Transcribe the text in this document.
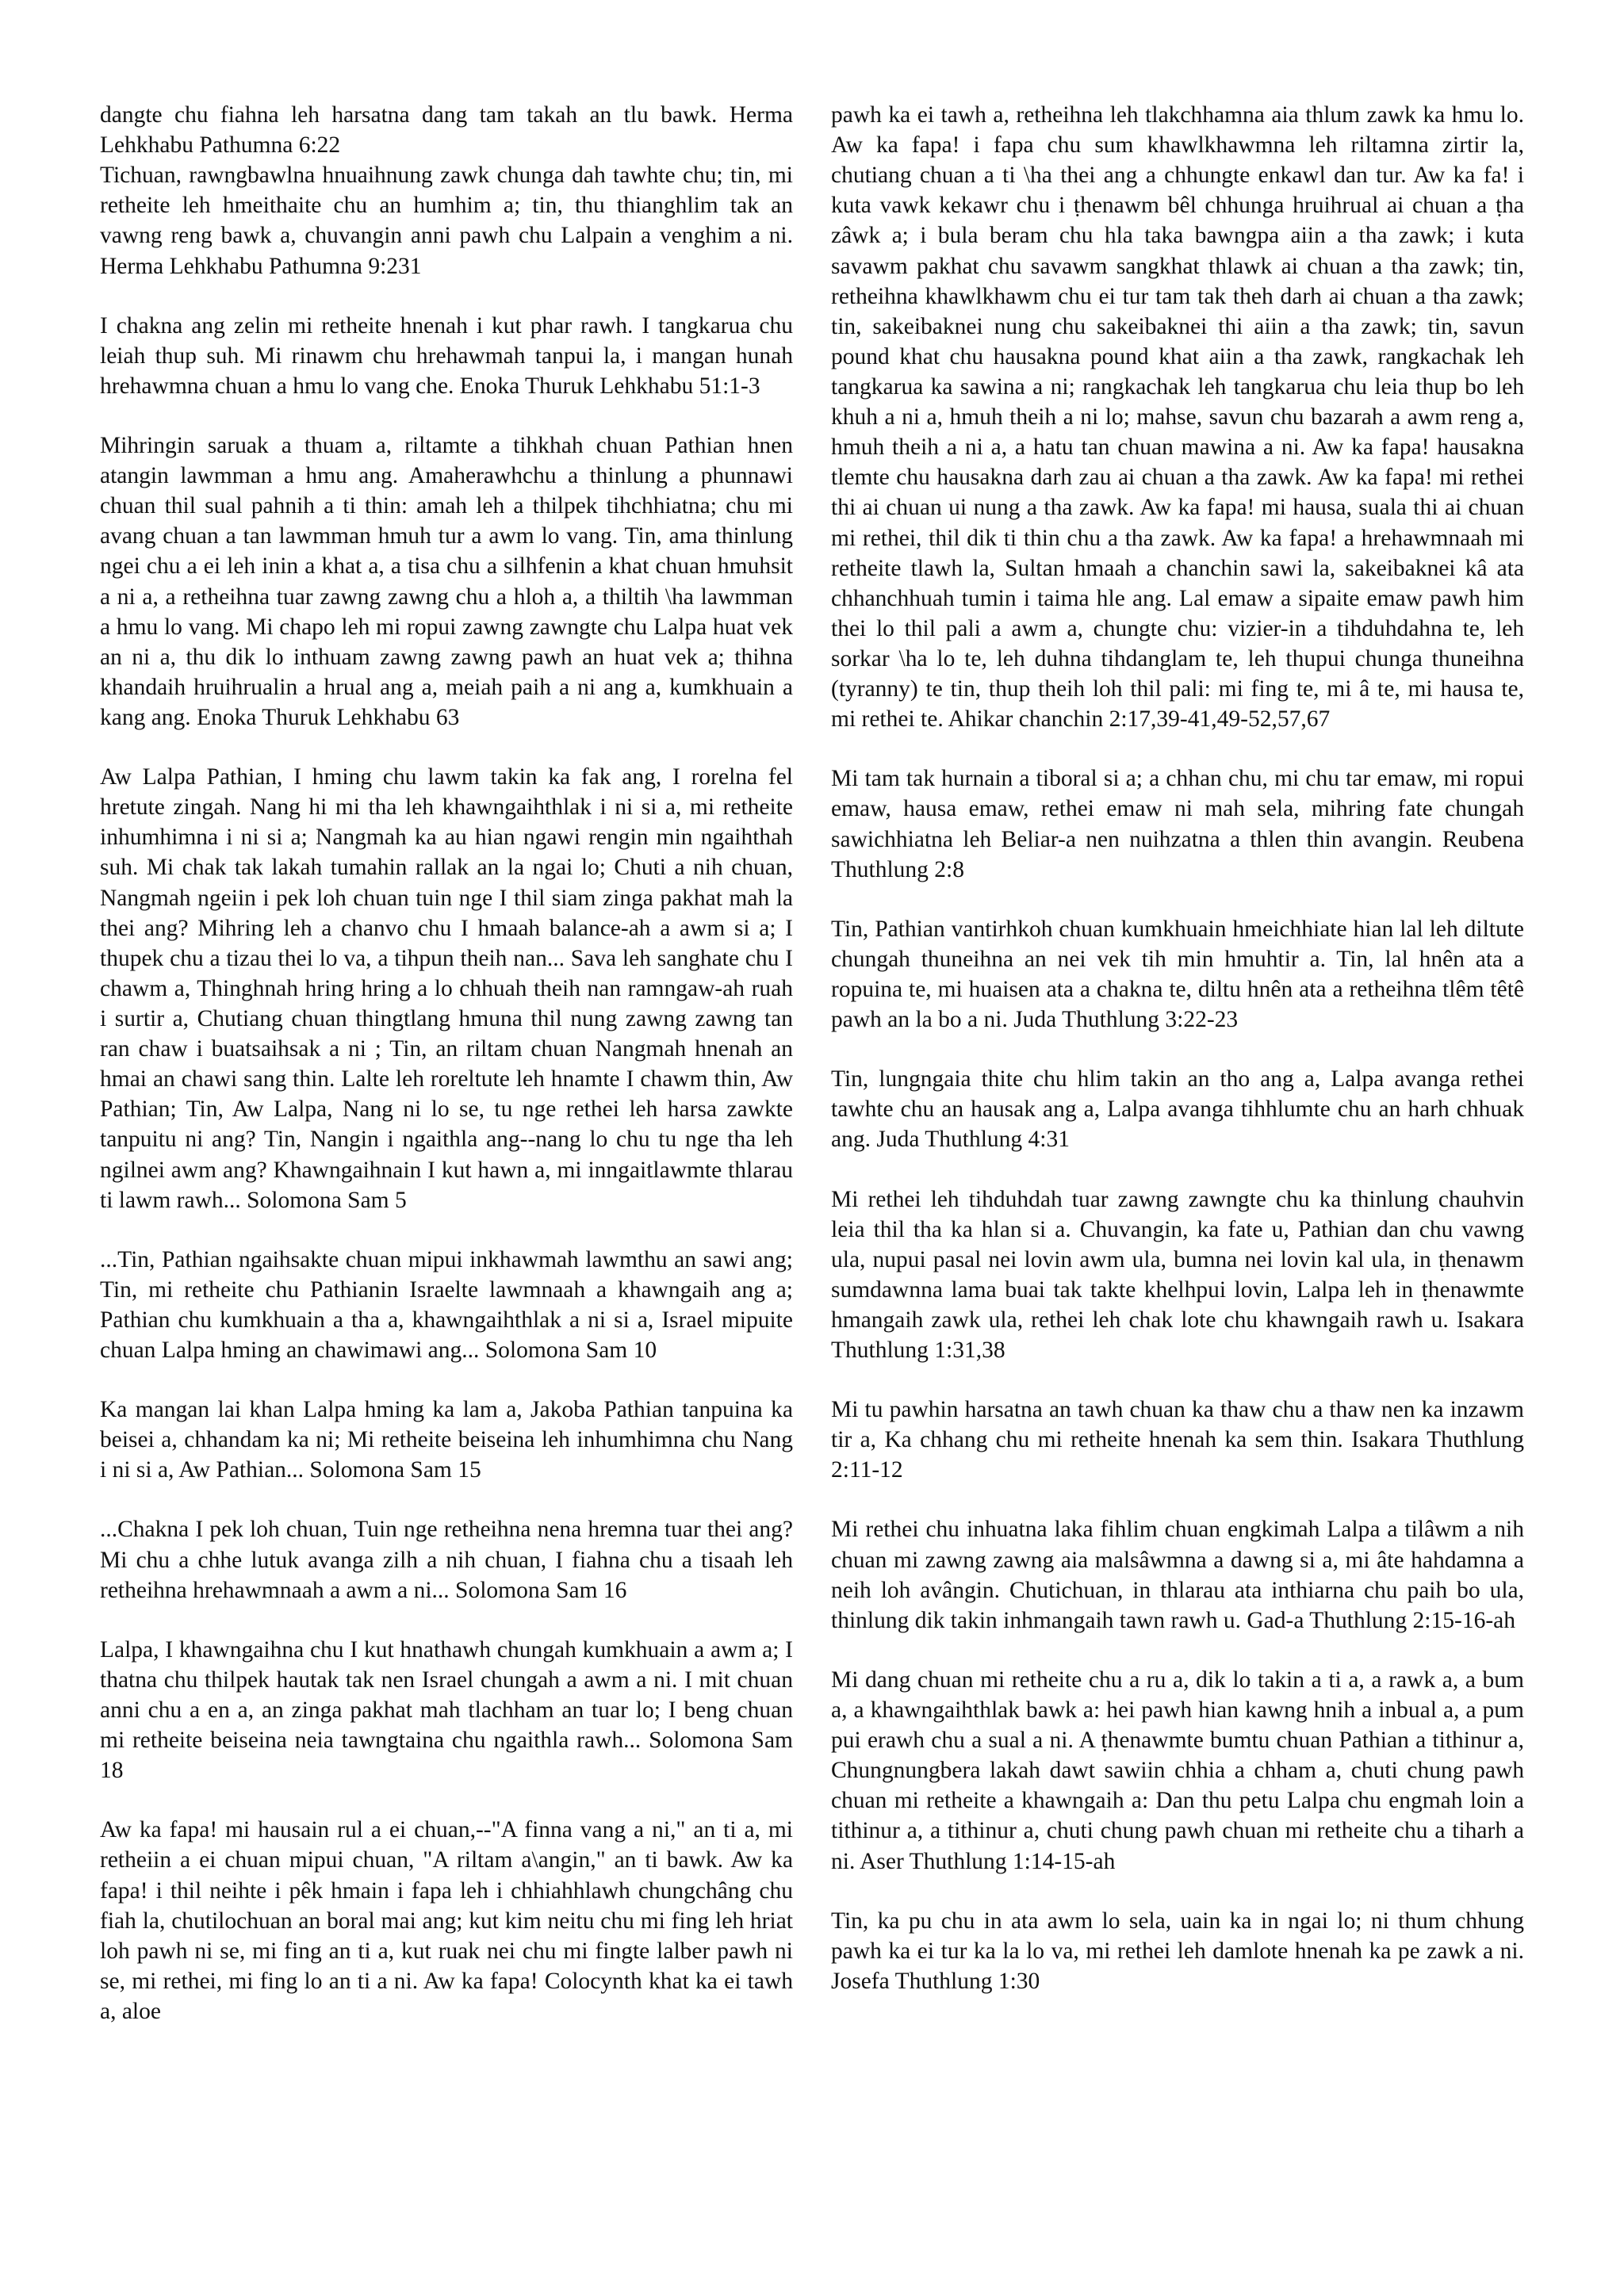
dangte chu fiahna leh harsatna dang tam takah an tlu bawk. Herma Lehkhabu Pathumna 6:22

Tichuan, rawngbawlna hnuaihnung zawk chunga dah tawhte chu; tin, mi retheite leh hmeithaite chu an humhim a; tin, thu thianghlim tak an vawng reng bawk a, chuvangin anni pawh chu Lalpain a venghim a ni. Herma Lehkhabu Pathumna 9:231

I chakna ang zelin mi retheite hnenah i kut phar rawh. I tangkarua chu leiah thup suh. Mi rinawm chu hrehawmah tanpui la, i mangan hunah hrehawmna chuan a hmu lo vang che. Enoka Thuruk Lehkhabu 51:1-3

Mihringin saruak a thuam a, riltamte a tihkhah chuan Pathian hnen atangin lawmman a hmu ang. Amaherawhchu a thinlung a phunnawi chuan thil sual pahnih a ti thin: amah leh a thilpek tihchhiatna; chu mi avang chuan a tan lawmman hmuh tur a awm lo vang. Tin, ama thinlung ngei chu a ei leh inin a khat a, a tisa chu a silhfenin a khat chuan hmuhsit a ni a, a retheihna tuar zawng zawng chu a hloh a, a thiltih \ha lawmman a hmu lo vang. Mi chapo leh mi ropui zawng zawngte chu Lalpa huat vek an ni a, thu dik lo inthuam zawng zawng pawh an huat vek a; thihna khandaih hruihrualin a hrual ang a, meiah paih a ni ang a, kumkhuain a kang ang. Enoka Thuruk Lehkhabu 63

Aw Lalpa Pathian, I hming chu lawm takin ka fak ang, I rorelna fel hretute zingah. Nang hi mi tha leh khawngaihthlak i ni si a, mi retheite inhumhimna i ni si a; Nangmah ka au hian ngawi rengin min ngaihthah suh. Mi chak tak lakah tumahin rallak an la ngai lo; Chuti a nih chuan, Nangmah ngeiin i pek loh chuan tuin nge I thil siam zinga pakhat mah la thei ang? Mihring leh a chanvo chu I hmaah balance-ah a awm si a; I thupek chu a tizau thei lo va, a tihpun theih nan... Sava leh sanghate chu I chawm a, Thinghnah hring hring a lo chhuah theih nan ramngaw-ah ruah i surtir a, Chutiang chuan thingtlang hmuna thil nung zawng zawng tan ran chaw i buatsaihsak a ni ; Tin, an riltam chuan Nangmah hnenah an hmai an chawi sang thin. Lalte leh roreltute leh hnamte I chawm thin, Aw Pathian; Tin, Aw Lalpa, Nang ni lo se, tu nge rethei leh harsa zawkte tanpuitu ni ang? Tin, Nangin i ngaithla ang--nang lo chu tu nge tha leh ngilnei awm ang? Khawngaihnain I kut hawn a, mi inngaitlawmte thlarau ti lawm rawh... Solomona Sam 5

...Tin, Pathian ngaihsakte chuan mipui inkhawmah lawmthu an sawi ang; Tin, mi retheite chu Pathianin Israelte lawmnaah a khawngaih ang a; Pathian chu kumkhuain a tha a, khawngaihthlak a ni si a, Israel mipuite chuan Lalpa hming an chawimawi ang... Solomona Sam 10

Ka mangan lai khan Lalpa hming ka lam a, Jakoba Pathian tanpuina ka beisei a, chhandam ka ni; Mi retheite beiseina leh inhumhimna chu Nang i ni si a, Aw Pathian... Solomona Sam 15

...Chakna I pek loh chuan, Tuin nge retheihna nena hremna tuar thei ang? Mi chu a chhe lutuk avanga zilh a nih chuan, I fiahna chu a tisaah leh retheihna hrehawmnaah a awm a ni... Solomona Sam 16

Lalpa, I khawngaihna chu I kut hnathawh chungah kumkhuain a awm a; I thatna chu thilpek hautak tak nen Israel chungah a awm a ni. I mit chuan anni chu a en a, an zinga pakhat mah tlachham an tuar lo; I beng chuan mi retheite beiseina neia tawngtaina chu ngaithla rawh... Solomona Sam 18

Aw ka fapa! mi hausain rul a ei chuan,--"A finna vang a ni," an ti a, mi retheiin a ei chuan mipui chuan, "A riltam a\angin," an ti bawk. Aw ka fapa! i thil neihte i pêk hmain i fapa leh i chhiahhlawh chungchâng chu fiah la, chutilochuan an boral mai ang; kut kim neitu chu mi fing leh hriat loh pawh ni se, mi fing an ti a, kut ruak nei chu mi fingte lalber pawh ni se, mi rethei, mi fing lo an ti a ni. Aw ka fapa! Colocynth khat ka ei tawh a, aloe

pawh ka ei tawh a, retheihna leh tlakchhamna aia thlum zawk ka hmu lo. Aw ka fapa! i fapa chu sum khawlkhawmna leh riltamna zirtir la, chutiang chuan a ti \ha thei ang a chhungte enkawl dan tur. Aw ka fa! i kuta vawk kekawr chu i ṭhenawm bêl chhunga hruihrual ai chuan a ṭha zâwk a; i bula beram chu hla taka bawngpa aiin a tha zawk; i kuta savawm pakhat chu savawm sangkhat thlawk ai chuan a tha zawk; tin, retheihna khawlkhawm chu ei tur tam tak theh darh ai chuan a tha zawk; tin, sakeibaknei nung chu sakeibaknei thi aiin a tha zawk; tin, savun pound khat chu hausakna pound khat aiin a tha zawk, rangkachak leh tangkarua ka sawina a ni; rangkachak leh tangkarua chu leia thup bo leh khuh a ni a, hmuh theih a ni lo; mahse, savun chu bazarah a awm reng a, hmuh theih a ni a, a hatu tan chuan mawina a ni. Aw ka fapa! hausakna tlemte chu hausakna darh zau ai chuan a tha zawk. Aw ka fapa! mi rethei thi ai chuan ui nung a tha zawk. Aw ka fapa! mi hausa, suala thi ai chuan mi rethei, thil dik ti thin chu a tha zawk. Aw ka fapa! a hrehawmnaah mi retheite tlawh la, Sultan hmaah a chanchin sawi la, sakeibaknei kâ ata chhanchhuah tumin i taima hle ang. Lal emaw a sipaite emaw pawh him thei lo thil pali a awm a, chungte chu: vizier-in a tihduhdahna te, leh sorkar \ha lo te, leh duhna tihdanglam te, leh thupui chunga thuneihna (tyranny) te tin, thup theih loh thil pali: mi fing te, mi â te, mi hausa te, mi rethei te. Ahikar chanchin 2:17,39-41,49-52,57,67

Mi tam tak hurnain a tiboral si a; a chhan chu, mi chu tar emaw, mi ropui emaw, hausa emaw, rethei emaw ni mah sela, mihring fate chungah sawichhiatna leh Beliar-a nen nuihzatna a thlen thin avangin. Reubena Thuthlung 2:8

Tin, Pathian vantirhkoh chuan kumkhuain hmeichhiate hian lal leh diltute chungah thuneihna an nei vek tih min hmuhtir a. Tin, lal hnên ata a ropuina te, mi huaisen ata a chakna te, diltu hnên ata a retheihna tlêm têtê pawh an la bo a ni. Juda Thuthlung 3:22-23

Tin, lungngaia thite chu hlim takin an tho ang a, Lalpa avanga rethei tawhte chu an hausak ang a, Lalpa avanga tihhlumte chu an harh chhuak ang. Juda Thuthlung 4:31

Mi rethei leh tihduhdah tuar zawng zawngte chu ka thinlung chauhvin leia thil tha ka hlan si a. Chuvangin, ka fate u, Pathian dan chu vawng ula, nupui pasal nei lovin awm ula, bumna nei lovin kal ula, in ṭhenawm sumdawnna lama buai tak takte khelhpui lovin, Lalpa leh in ṭhenawmte hmangaih zawk ula, rethei leh chak lote chu khawngaih rawh u. Isakara Thuthlung 1:31,38

Mi tu pawhin harsatna an tawh chuan ka thaw chu a thaw nen ka inzawm tir a, Ka chhang chu mi retheite hnenah ka sem thin. Isakara Thuthlung 2:11-12

Mi rethei chu inhuatna laka fihlim chuan engkimah Lalpa a tilâwm a nih chuan mi zawng zawng aia malsâwmna a dawng si a, mi âte hahdamna a neih loh avângin. Chutichuan, in thlarau ata inthiarna chu paih bo ula, thinlung dik takin inhmangaih tawn rawh u. Gad-a Thuthlung 2:15-16-ah

Mi dang chuan mi retheite chu a ru a, dik lo takin a ti a, a rawk a, a bum a, a khawngaihthlak bawk a: hei pawh hian kawng hnih a inbual a, a pum pui erawh chu a sual a ni. A ṭhenawmte bumtu chuan Pathian a tithinur a, Chungnungbera lakah dawt sawiin chhia a chham a, chuti chung pawh chuan mi retheite a khawngaih a: Dan thu petu Lalpa chu engmah loin a tithinur a, a tithinur a, chuti chung pawh chuan mi retheite chu a tiharh a ni. Aser Thuthlung 1:14-15-ah

Tin, ka pu chu in ata awm lo sela, uain ka in ngai lo; ni thum chhung pawh ka ei tur ka la lo va, mi rethei leh damlote hnenah ka pe zawk a ni. Josefa Thuthlung 1:30
